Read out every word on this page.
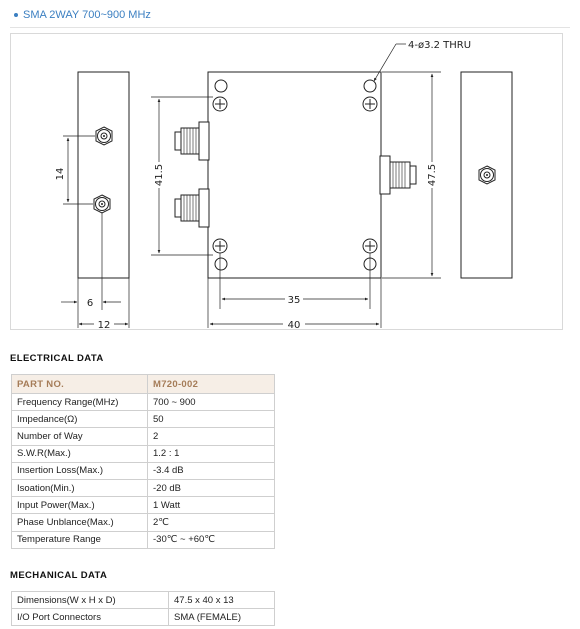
SMA 2WAY 700~900 MHz
14
6
12
4-ø3.2 THRU
41.5	47.5
35
40
ELECTRICAL DATA
PART NO.	M720-002
Frequency Range(MHz)	700 ~ 900
Impedance(Ω)	50
Number of Way	2
S.W.R(Max.)	1.2 : 1
Insertion Loss(Max.)	-3.4 dB
Isoation(Min.)	-20 dB
Input Power(Max.)	1 Watt
Phase Unblance(Max.)	2℃
Temperature Range	-30℃ ~ +60℃
MECHANICAL DATA
Dimensions(W x H x D)	47.5 x 40 x 13
I/O Port Connectors	SMA (FEMALE)
